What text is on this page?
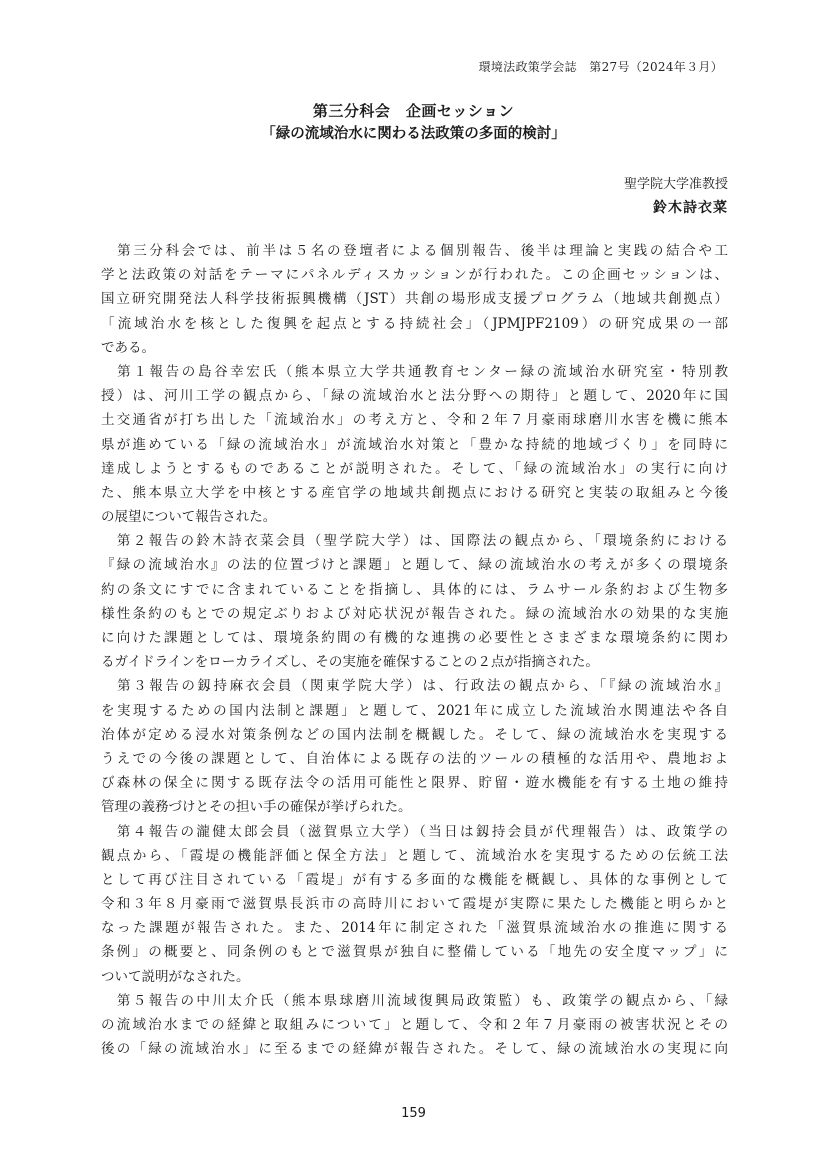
環境法政策学会誌　第27号（2024年３月）
第三分科会　企画セッション
「緑の流域治水に関わる法政策の多面的検討」
聖学院大学准教授
鈴木詩衣菜
　第三分科会では、前半は５名の登壇者による個別報告、後半は理論と実践の結合や工
学と法政策の対話をテーマにパネルディスカッションが行われた。この企画セッションは、
国立研究開発法人科学技術振興機構（JST）共創の場形成支援プログラム（地域共創拠点）
「流域治水を核とした復興を起点とする持続社会」（JPMJPF2109）の研究成果の一部
である。
　第１報告の島谷幸宏氏（熊本県立大学共通教育センター緑の流域治水研究室・特別教
授）は、河川工学の観点から、「緑の流域治水と法分野への期待」と題して、2020年に国
土交通省が打ち出した「流域治水」の考え方と、令和２年７月豪雨球磨川水害を機に熊本
県が進めている「緑の流域治水」が流域治水対策と「豊かな持続的地域づくり」を同時に
達成しようとするものであることが説明された。そして、「緑の流域治水」の実行に向け
た、熊本県立大学を中核とする産官学の地域共創拠点における研究と実装の取組みと今後
の展望について報告された。
　第２報告の鈴木詩衣菜会員（聖学院大学）は、国際法の観点から、「環境条約における
『緑の流域治水』の法的位置づけと課題」と題して、緑の流域治水の考えが多くの環境条
約の条文にすでに含まれていることを指摘し、具体的には、ラムサール条約および生物多
様性条約のもとでの規定ぶりおよび対応状況が報告された。緑の流域治水の効果的な実施
に向けた課題としては、環境条約間の有機的な連携の必要性とさまざまな環境条約に関わ
るガイドラインをローカライズし、その実施を確保することの２点が指摘された。
　第３報告の釼持麻衣会員（関東学院大学）は、行政法の観点から、「『緑の流域治水』
を実現するための国内法制と課題」と題して、2021年に成立した流域治水関連法や各自
治体が定める浸水対策条例などの国内法制を概観した。そして、緑の流域治水を実現する
うえでの今後の課題として、自治体による既存の法的ツールの積極的な活用や、農地およ
び森林の保全に関する既存法令の活用可能性と限界、貯留・遊水機能を有する土地の維持
管理の義務づけとその担い手の確保が挙げられた。
　第４報告の瀧健太郎会員（滋賀県立大学）（当日は釼持会員が代理報告）は、政策学の
観点から、「霞堤の機能評価と保全方法」と題して、流域治水を実現するための伝統工法
として再び注目されている「霞堤」が有する多面的な機能を概観し、具体的な事例として
令和３年８月豪雨で滋賀県長浜市の高時川において霞堤が実際に果たした機能と明らかと
なった課題が報告された。また、2014年に制定された「滋賀県流域治水の推進に関する
条例」の概要と、同条例のもとで滋賀県が独自に整備している「地先の安全度マップ」に
ついて説明がなされた。
　第５報告の中川太介氏（熊本県球磨川流域復興局政策監）も、政策学の観点から、「緑
の流域治水までの経緯と取組みについて」と題して、令和２年７月豪雨の被害状況とその
後の「緑の流域治水」に至るまでの経緯が報告された。そして、緑の流域治水の実現に向
159
